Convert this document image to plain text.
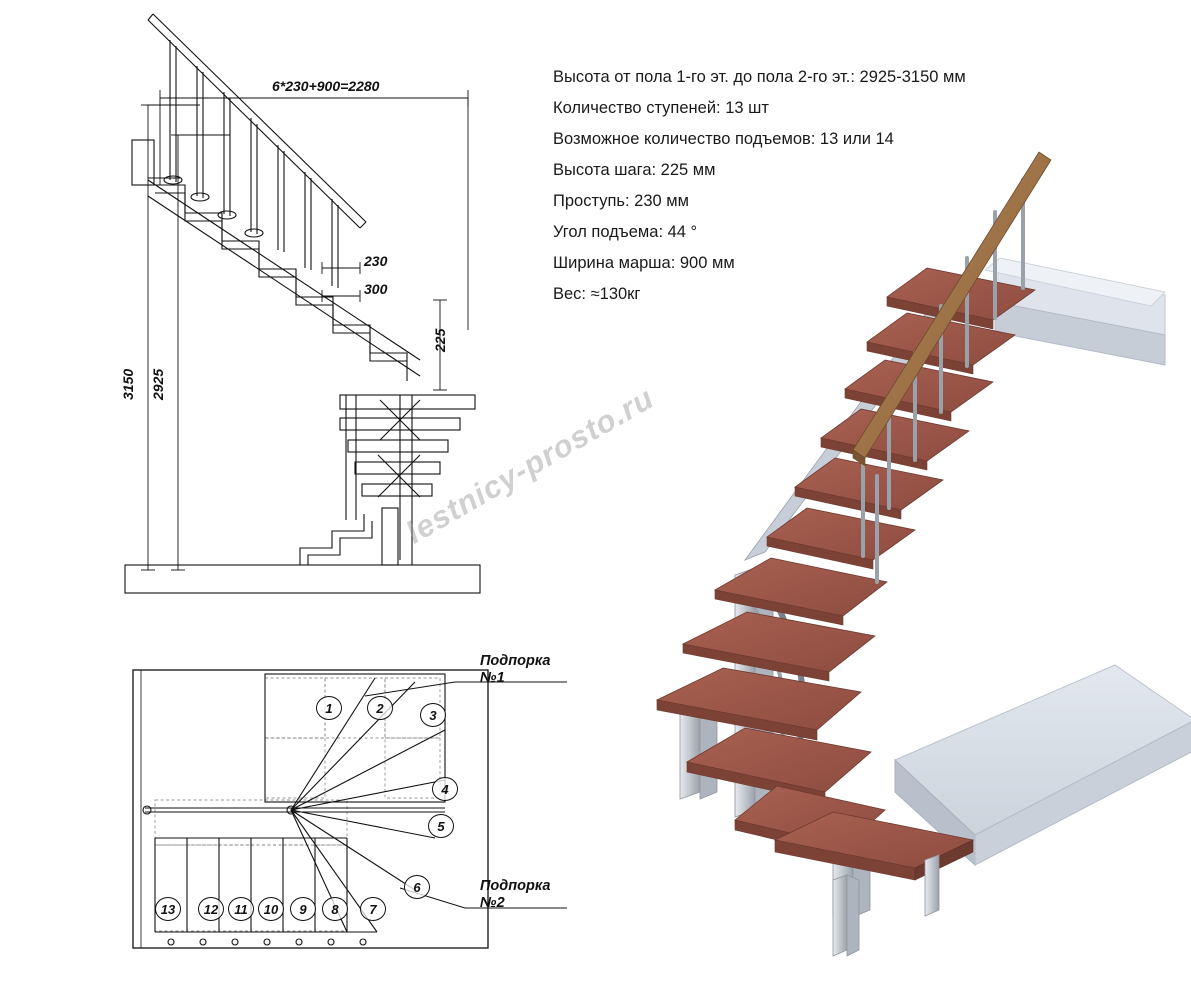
Высота от пола 1-го эт. до пола 2-го эт.: 2925-3150 мм
Количество ступеней: 13 шт
Возможное количество подъемов: 13 или 14
Высота шага: 225 мм
Проступь: 230 мм
Угол подъема: 44 °
Ширина марша: 900 мм
Вес: ≈130кг
6*230+900=2280
230
300
225
3150 2925
1	2	3
4
5
6
13	12	11	10	9	8	7
Подпорка
№1
Подпорка
№2
lestnicy-prosto.ru
